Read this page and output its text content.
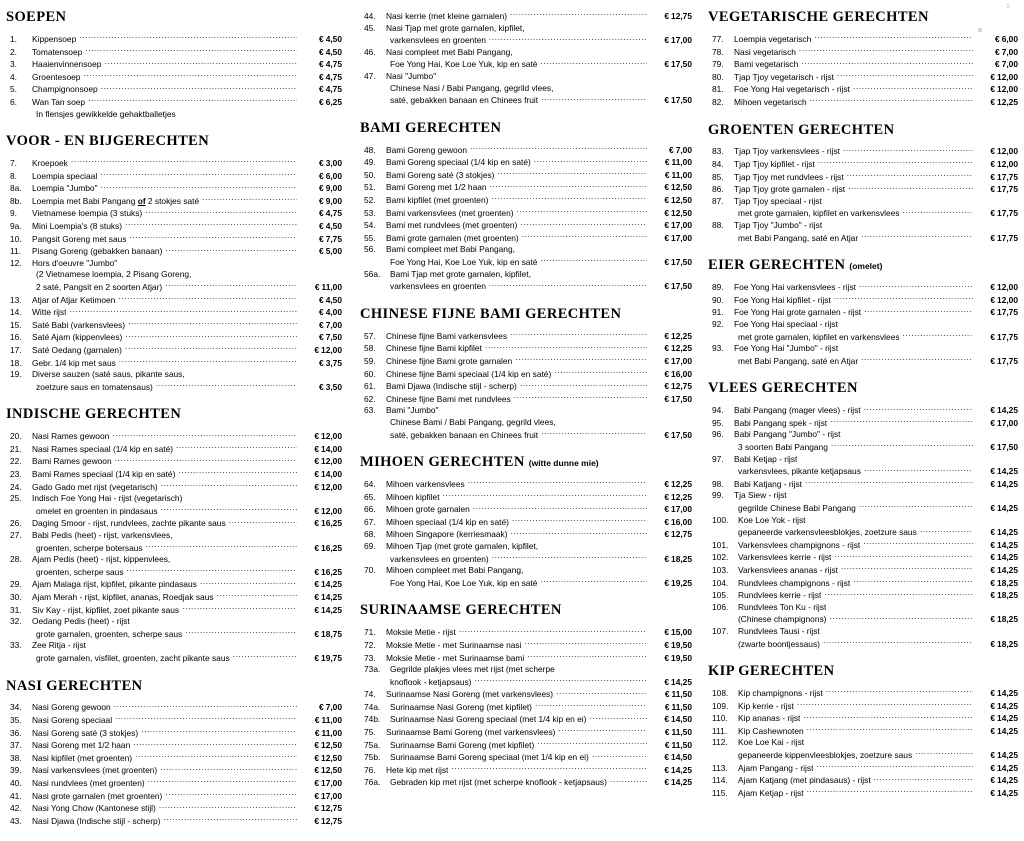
2
SOEPEN
1.	Kippensoep .....	€ 4,50
2.	Tomatensoep .....	€ 4,50
3.	Haaienvinnensoep .....	€ 4,75
4.	Groentesoep .....	€ 4,75
5.	Champignonsoep .....	€ 4,75
6.	Wan Tan soep .....	€ 6,25
In flensjes gewikkelde gehaktballetjes
VOOR - EN BIJGERECHTEN
7.	Kroepoek .....	€ 3,00
8.	Loempia speciaal .....	€ 6,00
8a.	Loempia "Jumbo" .....	€ 9,00
8b.	Loempia met Babi Pangang of 2 stokjes saté .....	€ 9,00
9.	Vietnamese loempia (3 stuks) .....	€ 4,75
9a.	Mini Loempia's (8 stuks) .....	€ 4,50
10.	Pangsit Goreng met saus .....	€ 7,75
11.	Pisang Goreng (gebakken banaan) .....	€ 5,00
12.	Hors d'oeuvre "Jumbo"
(2 Vietnamese loempia, 2 Pisang Goreng,
2 saté, Pangsit en 2 soorten Atjar) .....	€ 11,00
13.	Atjar of Atjar Ketimoen .....	€ 4,50
14.	Witte rijst .....	€ 4,00
15.	Saté Babi (varkensvlees) .....	€ 7,00
16.	Saté Ajam (kippenvlees) .....	€ 7,50
17.	Saté Oedang (garnalen) .....	€ 12,00
18.	Gebr. 1/4 kip met saus .....	€ 3,75
19.	Diverse sauzen (saté saus, pikante saus,
zoetzure saus en tomatensaus) .....	€ 3,50
INDISCHE GERECHTEN
20.	Nasi Rames gewoon .....	€ 12,00
21.	Nasi Rames speciaal (1/4 kip en saté) .....	€ 14,00
22.	Bami Rames gewoon .....	€ 12,00
23.	Bami Rames speciaal (1/4 kip en saté) .....	€ 14,00
24.	Gado Gado met rijst (vegetarisch) .....	€ 12,00
25.	Indisch Foe Yong Hai - rijst (vegetarisch)
omelet en groenten in pindasaus .....	€ 12,00
26.	Daging Smoor - rijst, rundvlees, zachte pikante saus .....	€ 16,25
27.	Babi Pedis (heet) - rijst, varkensvlees,
groenten, scherpe botersaus .....	€ 16,25
28.	Ajam Pedis (heet) - rijst, kippenvlees,
groenten, scherpe saus .....	€ 16,25
29.	Ajam Malaga rijst, kipfilet, pikante pindasaus .....	€ 14,25
30.	Ajam Merah - rijst, kipfilet, ananas, Roedjak saus .....	€ 14,25
31.	Siv Kay - rijst, kipfilet, zoet pikante saus .....	€ 14,25
32.	Oedang Pedis (heet) - rijst
grote garnalen, groenten, scherpe saus .....	€ 18,75
33.	Zee Ritja - rijst
grote garnalen, visfilet, groenten, zacht pikante saus .....	€ 19,75
NASI GERECHTEN
34.	Nasi Goreng gewoon .....	€ 7,00
35.	Nasi Goreng speciaal .....	€ 11,00
36.	Nasi Goreng saté (3 stokjes) .....	€ 11,00
37.	Nasi Goreng met 1/2 haan .....	€ 12,50
38.	Nasi kipfilet (met groenten) .....	€ 12,50
39.	Nasi varkensvlees (met groenten) .....	€ 12,50
40.	Nasi rundvlees (met groenten) .....	€ 17,00
41.	Nasi grote garnalen (met groenten) .....	€ 17,00
42.	Nasi Yong Chow (Kantonese stijl) .....	€ 12,75
43.	Nasi Djawa (Indische stijl - scherp) .....	€ 12,75
44.	Nasi kerrie (met kleine garnalen) .....	€ 12,75
45.	Nasi Tjap met grote garnalen, kipfilet,
varkensvlees en groenten .....	€ 17,00
46.	Nasi compleet met Babi Pangang,
Foe Yong Hai, Koe Loe Yuk, kip en saté .....	€ 17,50
47.	Nasi "Jumbo"
Chinese Nasi / Babi Pangang, gegrild vlees,
saté, gebakken banaan en Chinees fruit .....	€ 17,50
BAMI GERECHTEN
48.	Bami Goreng gewoon .....	€ 7,00
49.	Bami Goreng speciaal (1/4 kip en saté) .....	€ 11,00
50.	Bami Goreng saté (3 stokjes) .....	€ 11,00
51.	Bami Goreng met 1/2 haan .....	€ 12,50
52.	Bami kipfilet (met groenten) .....	€ 12,50
53.	Bami varkensvlees (met groenten) .....	€ 12,50
54.	Bami met rundvlees (met groenten) .....	€ 17,00
55.	Bami grote garnalen (met groenten) .....	€ 17,00
56.	Bami compleet met Babi Pangang,
Foe Yong Hai, Koe Loe Yuk, kip en saté .....	€ 17,50
56a.	Bami Tjap met grote garnalen, kipfilet,
varkensvlees en groenten .....	€ 17,50
CHINESE FIJNE BAMI GERECHTEN
57.	Chinese fijne Bami varkensvlees .....	€ 12,25
58.	Chinese fijne Bami kipfilet .....	€ 12,25
59.	Chinese fijne Bami grote garnalen .....	€ 17,00
60.	Chinese fijne Bami speciaal (1/4 kip en saté) .....	€ 16,00
61.	Bami Djawa (Indische stijl - scherp) .....	€ 12,75
62.	Chinese fijne Bami met rundvlees .....	€ 17,50
63.	Bami "Jumbo"
Chinese Bami / Babi Pangang, gegrild vlees,
saté, gebakken banaan en Chinees fruit .....	€ 17,50
MIHOEN GERECHTEN (witte dunne mie)
64.	Mihoen varkensvlees .....	€ 12,25
65.	Mihoen kipfilet .....	€ 12,25
66.	Mihoen grote garnalen .....	€ 17,00
67.	Mihoen speciaal (1/4 kip en saté) .....	€ 16,00
68.	Mihoen Singapore (kerriesmaak) .....	€ 12,75
69.	Mihoen Tjap (met grote garnalen, kipfilet,
varkensvlees en groenten) .....	€ 18,25
70.	Mihoen compleet met Babi Pangang,
Foe Yong Hai, Koe Loe Yuk, kip en saté .....	€ 19,25
SURINAAMSE GERECHTEN
71.	Moksie Metie - rijst .....	€ 15,00
72.	Moksie Metie - met Surinaamse nasi .....	€ 19,50
73.	Moksie Metie - met Surinaamse bami .....	€ 19,50
73a.	Gegrilde plakjes vlees met rijst (met scherpe
knoflook - ketjapsaus) .....	€ 14,25
74.	Surinaamse Nasi Goreng (met varkensvlees) .....	€ 11,50
74a.	Surinaamse Nasi Goreng (met kipfilet) .....	€ 11,50
74b.	Surinaamse Nasi Goreng speciaal (met 1/4 kip en ei) .....	€ 14,50
75.	Surinaamse Bami Goreng (met varkensvlees) .....	€ 11,50
75a.	Surinaamse Bami Goreng (met kipfilet) .....	€ 11,50
75b.	Surinaamse Bami Goreng speciaal (met 1/4 kip en ei) .....	€ 14,50
76.	Hete kip met rijst .....	€ 14,25
76a.	Gebraden kip met rijst (met scherpe knoflook - ketjapsaus) .....	€ 14,25
VEGETARISCHE GERECHTEN
77.	Loempia vegetarisch .....	€ 6,00
78.	Nasi vegetarisch .....	€ 7,00
79.	Bami vegetarisch .....	€ 7,00
80.	Tjap Tjoy vegetarisch - rijst .....	€ 12,00
81.	Foe Yong Hai vegetarisch - rijst .....	€ 12,00
82.	Mihoen vegetarisch .....	€ 12,25
GROENTEN GERECHTEN
83.	Tjap Tjoy varkensvlees - rijst .....	€ 12,00
84.	Tjap Tjoy kipfilet - rijst .....	€ 12,00
85.	Tjap Tjoy met rundvlees - rijst .....	€ 17,75
86.	Tjap Tjoy grote garnalen - rijst .....	€ 17,75
87.	Tjap Tjoy speciaal - rijst
met grote garnalen, kipfilet en varkensvlees .....	€ 17,75
88.	Tjap Tjoy "Jumbo" - rijst
met Babi Pangang, saté en Atjar .....	€ 17,75
EIER GERECHTEN (omelet)
89.	Foe Yong Hai varkensvlees - rijst .....	€ 12,00
90.	Foe Yong Hai kipfilet - rijst .....	€ 12,00
91.	Foe Yong Hai grote garnalen - rijst .....	€ 17,75
92.	Foe Yong Hai speciaal - rijst
met grote garnalen, kipfilet en varkensvlees .....	€ 17,75
93.	Foe Yong Hai "Jumbo" - rijst
met Babi Pangang, saté en Atjar .....	€ 17,75
VLEES GERECHTEN
94.	Babi Pangang (mager vlees) - rijst .....	€ 14,25
95.	Babi Pangang spek - rijst .....	€ 17,00
96.	Babi Pangang "Jumbo" - rijst
3 soorten Babi Pangang .....	€ 17,50
97.	Babi Ketjap - rijst
varkensvlees, pikante ketjapsaus .....	€ 14,25
98.	Babi Katjang - rijst .....	€ 14,25
99.	Tja Siew - rijst
gegrilde Chinese Babi Pangang .....	€ 14,25
100.	Koe Loe Yok - rijst
gepaneerde varkensvleesblokjes, zoetzure saus .....	€ 14,25
101.	Varkensvlees champignons - rijst .....	€ 14,25
102.	Varkensvlees kerrie - rijst .....	€ 14,25
103.	Varkensvlees ananas - rijst .....	€ 14,25
104.	Rundvlees champignons - rijst .....	€ 18,25
105.	Rundvlees kerrie - rijst .....	€ 18,25
106.	Rundvlees Ton Ku - rijst
(Chinese champignons) .....	€ 18,25
107.	Rundvlees Tausi - rijst
(zwarte boontjessaus) .....	€ 18,25
KIP GERECHTEN
108.	Kip champignons - rijst .....	€ 14,25
109.	Kip kerrie - rijst .....	€ 14,25
110.	Kip ananas - rijst .....	€ 14,25
111.	Kip Cashewnoten .....	€ 14,25
112.	Koe Loe Kai - rijst
gepaneerde kippenvleesblokjes, zoetzure saus .....	€ 14,25
113.	Ajam Pangang - rijst .....	€ 14,25
114.	Ajam Katjang (met pindasaus) - rijst .....	€ 14,25
115.	Ajam Ketjap - rijst .....	€ 14,25
